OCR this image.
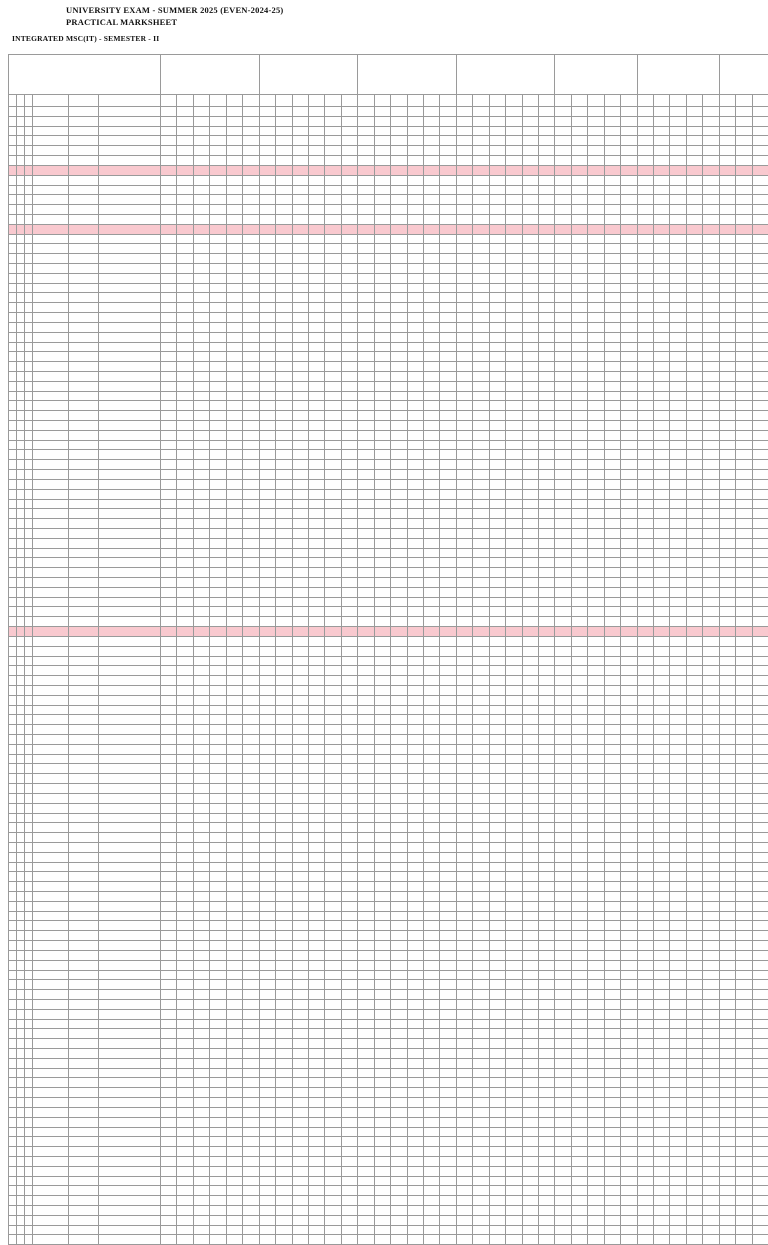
UNIVERSITY EXAM - SUMMER 2025 (EVEN-2024-25)
PRACTICAL MARKSHEET
INTEGRATED MSC(IT) - SEMESTER - II
